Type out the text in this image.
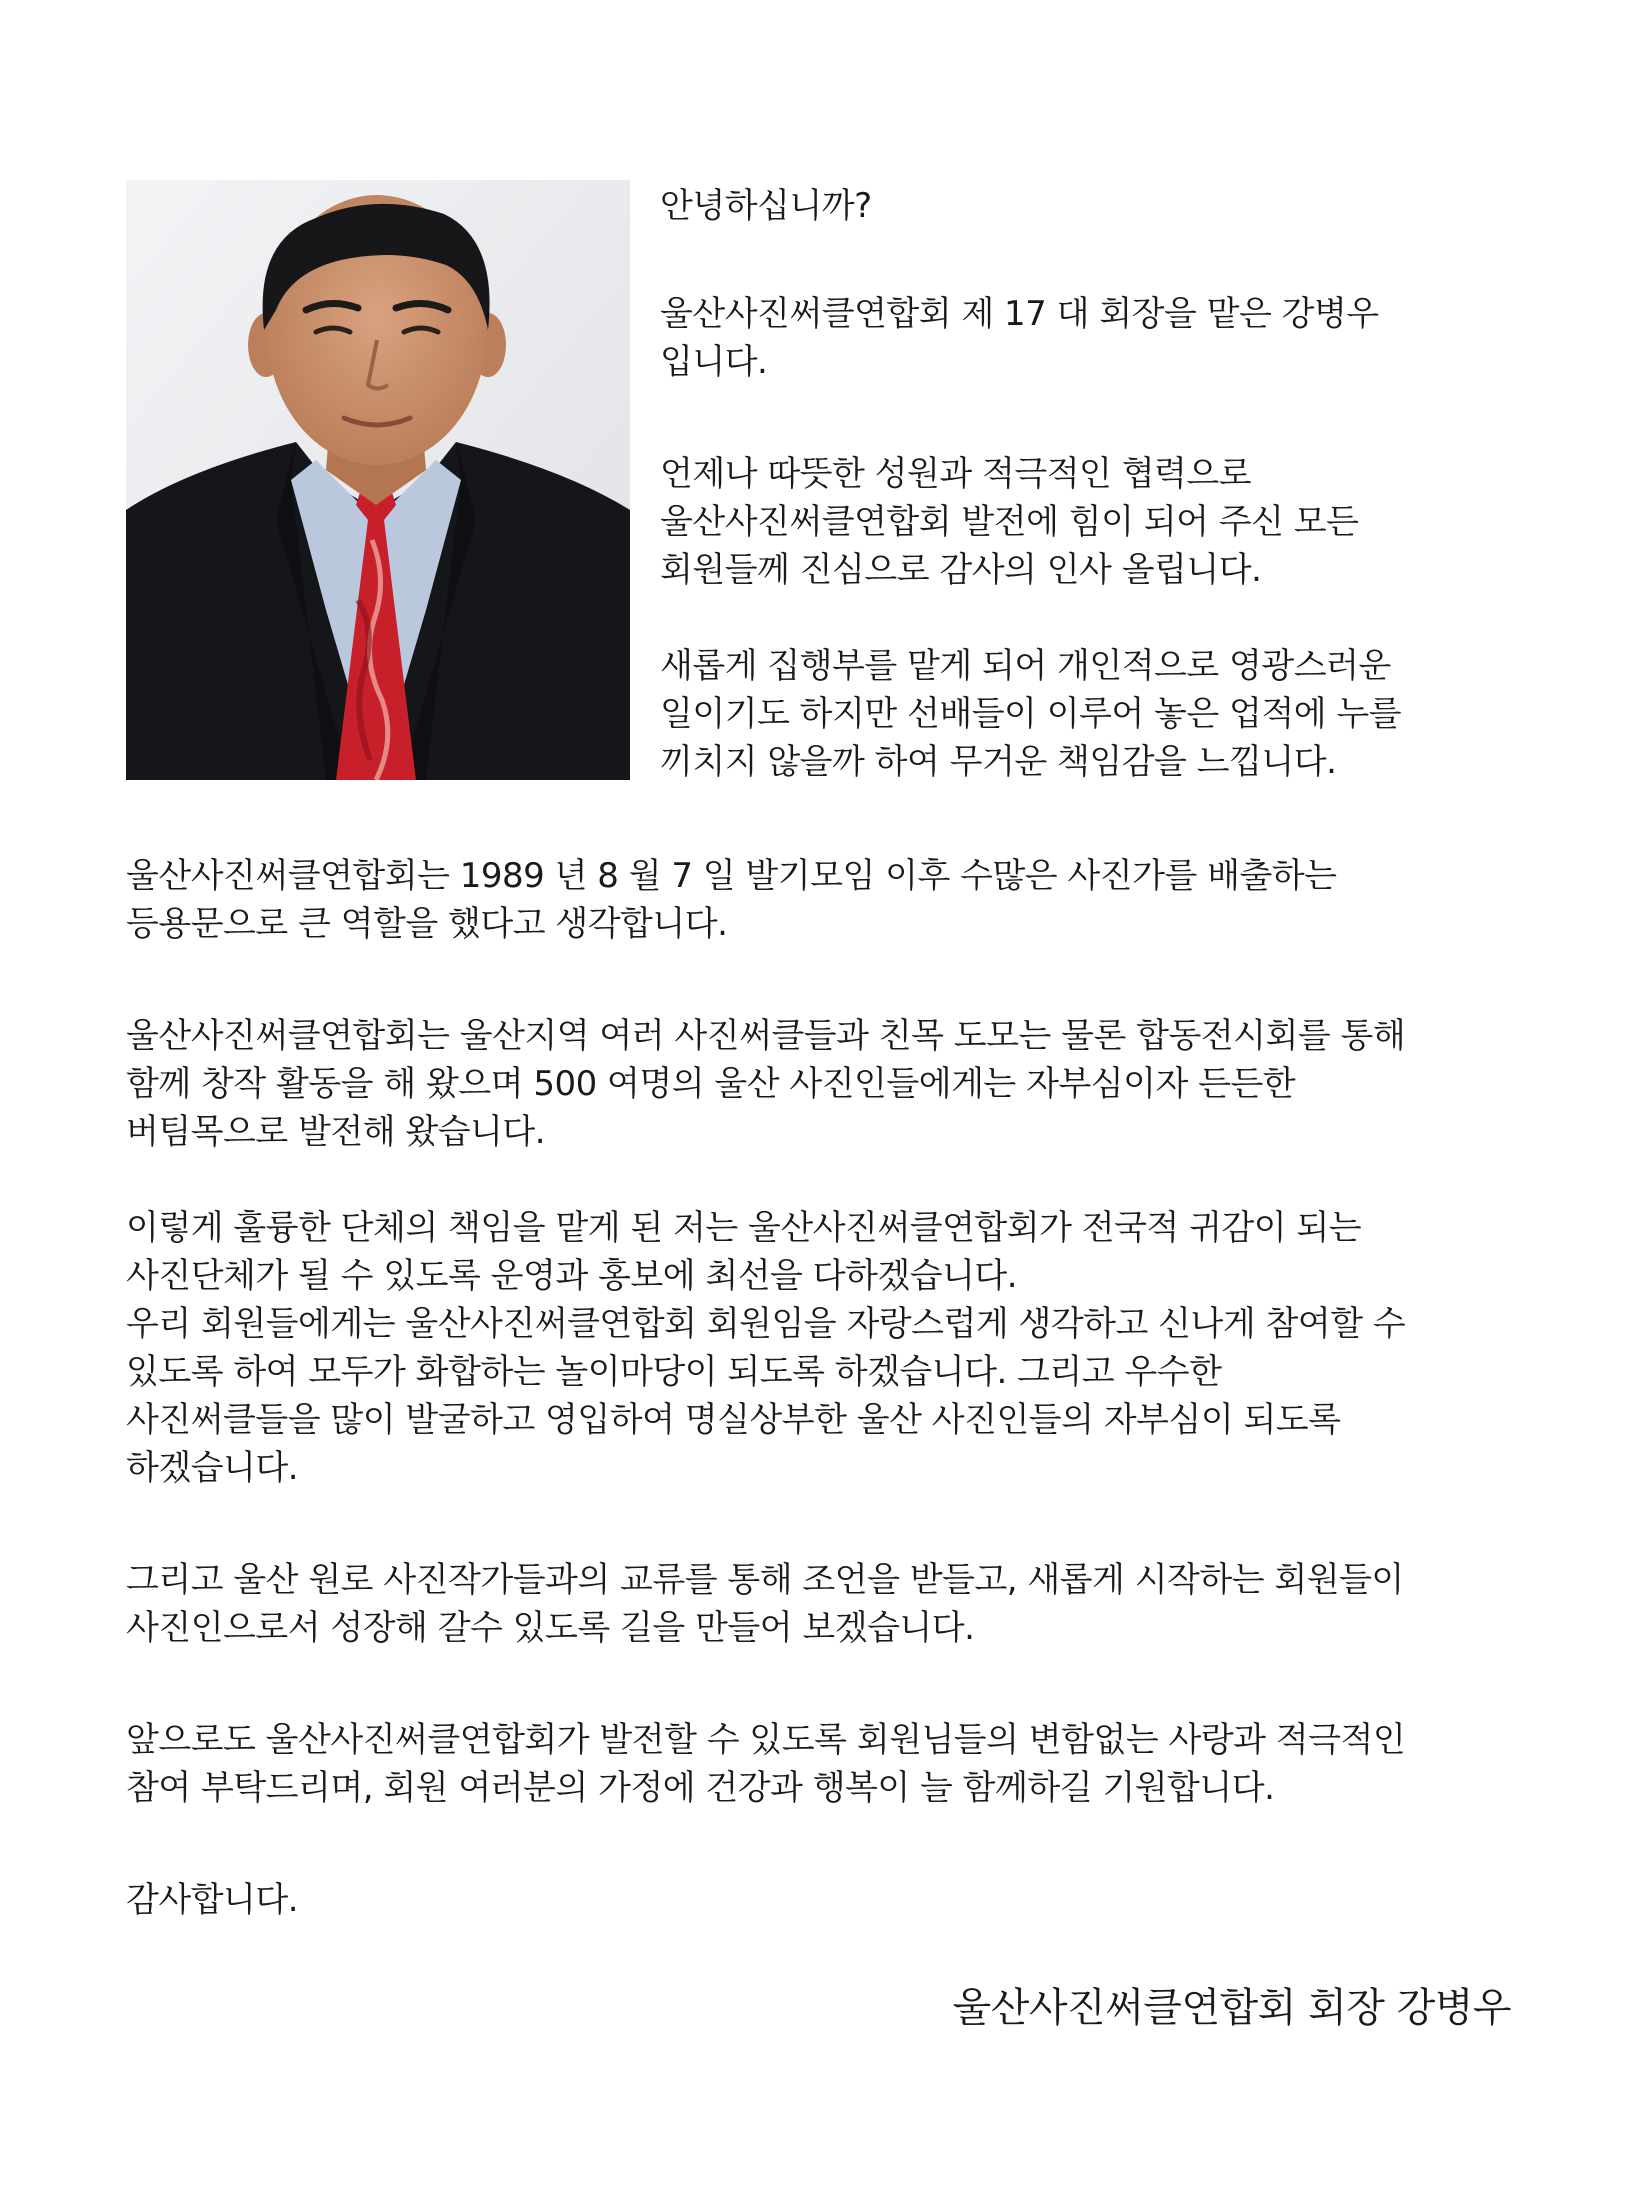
안녕하십니까?
울산사진써클연합회 제 17 대 회장을 맡은 강병우
입니다.
언제나 따뜻한 성원과 적극적인 협력으로
울산사진써클연합회 발전에 힘이 되어 주신 모든
회원들께 진심으로 감사의 인사 올립니다.
새롭게 집행부를 맡게 되어 개인적으로 영광스러운
일이기도 하지만 선배들이 이루어 놓은 업적에 누를
끼치지 않을까 하여 무거운 책임감을 느낍니다.
울산사진써클연합회는 1989 년 8 월 7 일 발기모임 이후 수많은 사진가를 배출하는
등용문으로 큰 역할을 했다고 생각합니다.
울산사진써클연합회는 울산지역 여러 사진써클들과 친목 도모는 물론 합동전시회를 통해
함께 창작 활동을 해 왔으며 500 여명의 울산 사진인들에게는 자부심이자 든든한
버팀목으로 발전해 왔습니다.
이렇게 훌륭한 단체의 책임을 맡게 된 저는 울산사진써클연합회가 전국적 귀감이 되는
사진단체가 될 수 있도록 운영과 홍보에 최선을 다하겠습니다.
우리 회원들에게는 울산사진써클연합회 회원임을 자랑스럽게 생각하고 신나게 참여할 수
있도록 하여 모두가 화합하는 놀이마당이 되도록 하겠습니다. 그리고 우수한
사진써클들을 많이 발굴하고 영입하여 명실상부한 울산 사진인들의 자부심이 되도록
하겠습니다.
그리고 울산 원로 사진작가들과의 교류를 통해 조언을 받들고, 새롭게 시작하는 회원들이
사진인으로서 성장해 갈수 있도록 길을 만들어 보겠습니다.
앞으로도 울산사진써클연합회가 발전할 수 있도록 회원님들의 변함없는 사랑과 적극적인
참여 부탁드리며, 회원 여러분의 가정에 건강과 행복이 늘 함께하길 기원합니다.
감사합니다.
울산사진써클연합회 회장 강병우
